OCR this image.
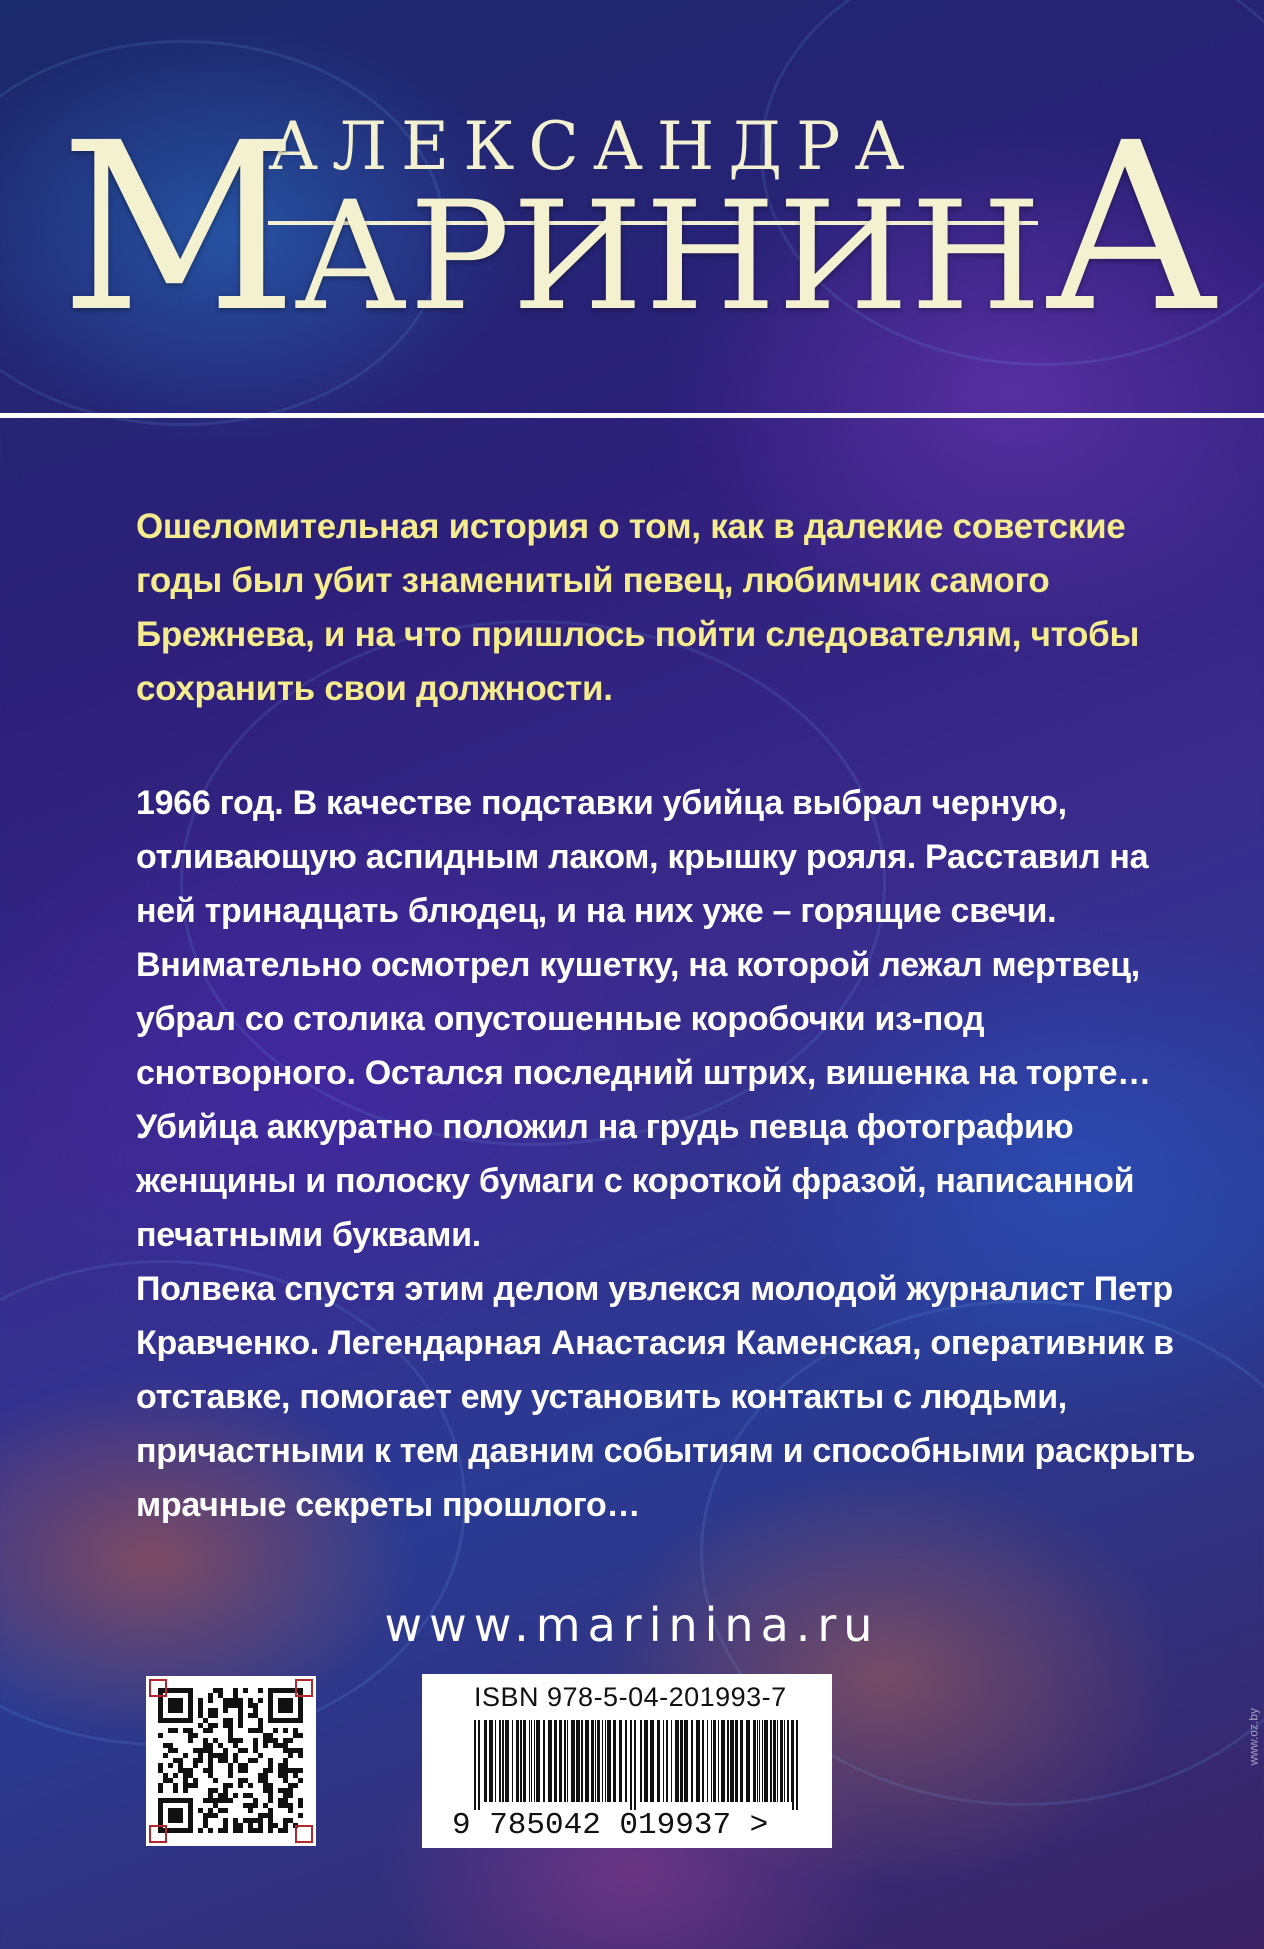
АЛЕКСАНДРА
МАРИНИНА
Ошеломительная история о том, как в далекие советские годы был убит знаменитый певец, любимчик самого Брежнева, и на что пришлось пойти следователям, чтобы сохранить свои должности.

1966 год. В качестве подставки убийца выбрал черную, отливающую аспидным лаком, крышку рояля. Расставил на ней тринадцать блюдец, и на них уже – горящие свечи. Внимательно осмотрел кушетку, на которой лежал мертвец, убрал со столика опустошенные коробочки из-под снотворного. Остался последний штрих, вишенка на торте… Убийца аккуратно положил на грудь певца фотографию женщины и полоску бумаги с короткой фразой, написанной печатными буквами.

Полвека спустя этим делом увлекся молодой журналист Петр Кравченко. Легендарная Анастасия Каменская, оперативник в отставке, помогает ему установить контакты с людьми, причастными к тем давним событиям и способными раскрыть мрачные секреты прошлого…

www.marinina.ru
ISBN 978-5-04-201993-7
9 785042 019937 >
www.oz.by
